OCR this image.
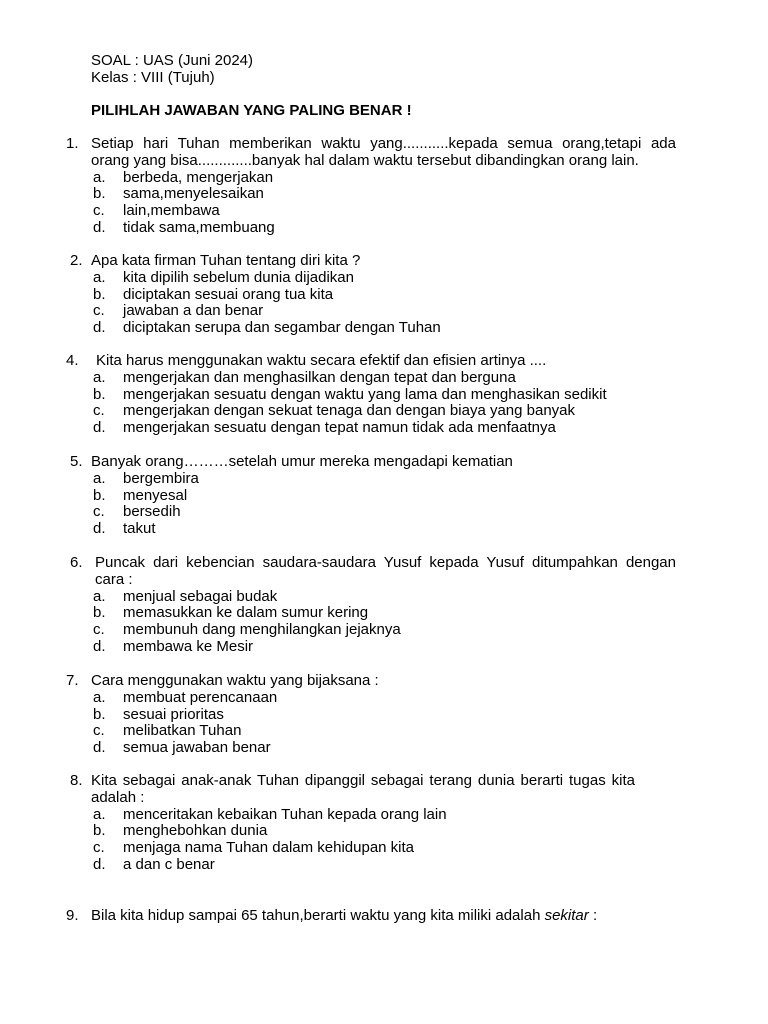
SOAL : UAS (Juni 2024)
Kelas : VIII (Tujuh)
PILIHLAH JAWABAN YANG PALING BENAR !
1. Setiap hari Tuhan memberikan waktu yang...........kepada semua orang,tetapi ada
orang yang bisa.............banyak hal dalam waktu tersebut dibandingkan orang lain.
a.	berbeda, mengerjakan
b.	sama,menyelesaikan
c.	lain,membawa
d.	tidak sama,membuang
2. Apa kata firman Tuhan tentang diri kita ?
a.	kita dipilih sebelum dunia dijadikan
b.	diciptakan sesuai orang tua kita
c.	jawaban a dan benar
d.	diciptakan serupa dan segambar dengan Tuhan
4.	Kita harus menggunakan waktu secara efektif dan efisien artinya ....
a.	mengerjakan dan menghasilkan dengan tepat dan berguna
b.	mengerjakan sesuatu dengan waktu yang lama dan menghasikan sedikit
c.	mengerjakan dengan sekuat tenaga dan dengan biaya yang banyak
d.	mengerjakan sesuatu dengan tepat namun tidak ada menfaatnya
5. Banyak orang………setelah umur mereka mengadapi kematian
a.	bergembira
b.	menyesal
c.	bersedih
d.	takut
6. Puncak dari kebencian saudara-saudara Yusuf kepada Yusuf ditumpahkan dengan
cara :
a.	menjual sebagai budak
b.	memasukkan ke dalam sumur kering
c.	membunuh dang menghilangkan jejaknya
d.	membawa ke Mesir
7. Cara menggunakan waktu yang bijaksana :
a.	membuat perencanaan
b.	sesuai prioritas
c.	melibatkan Tuhan
d.	semua jawaban benar
8. Kita sebagai anak-anak Tuhan dipanggil sebagai terang dunia berarti tugas kita
adalah :
a.	menceritakan kebaikan Tuhan kepada orang lain
b.	menghebohkan dunia
c.	menjaga nama Tuhan dalam kehidupan kita
d.	a dan c benar
9. Bila kita hidup sampai 65 tahun,berarti waktu yang kita miliki adalah sekitar :
